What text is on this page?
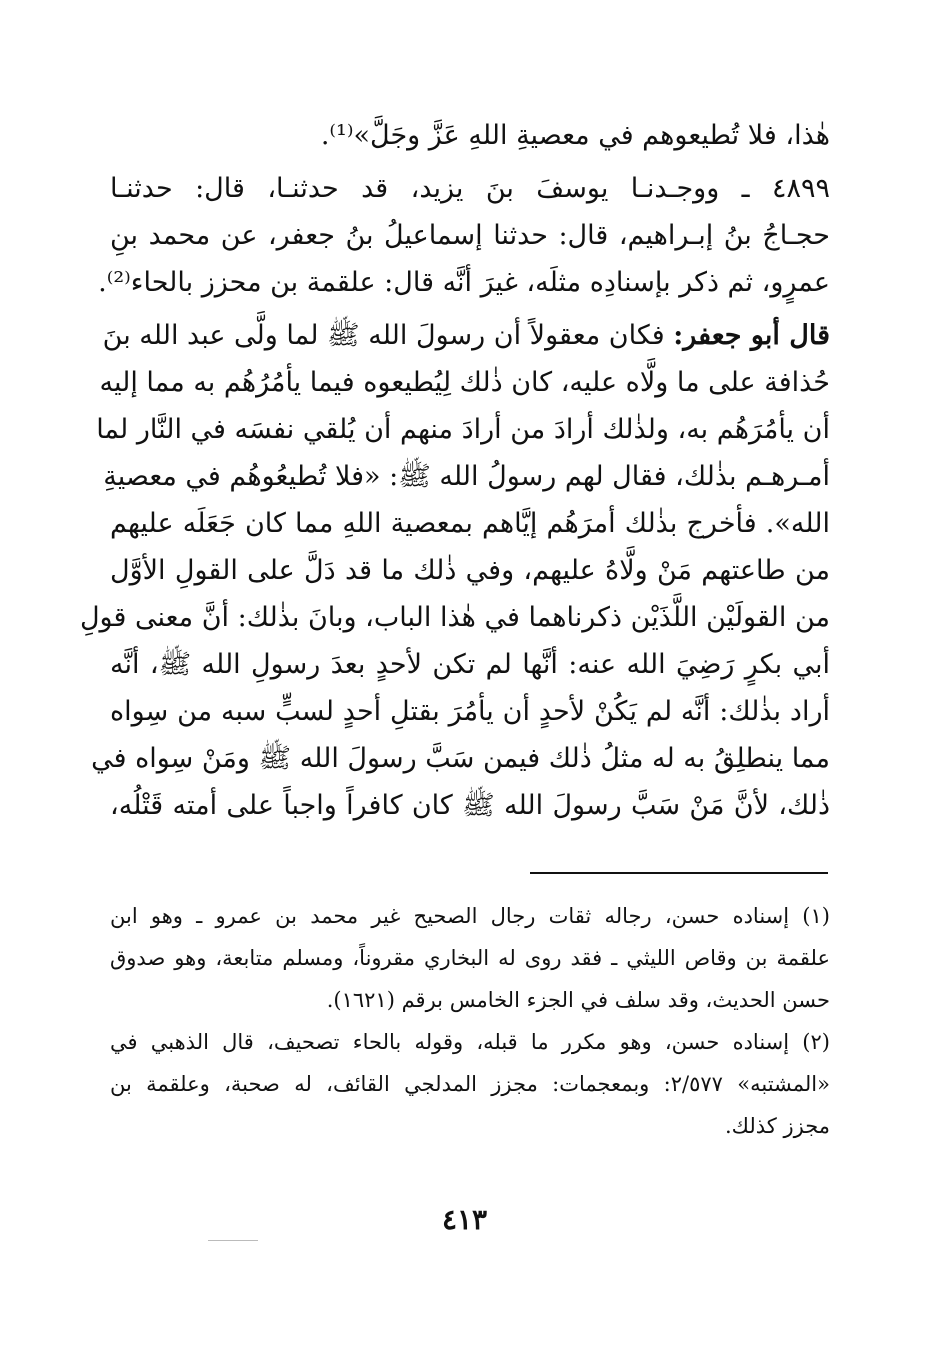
هٰذا، فلا تُطيعوهم في معصيةِ اللهِ عَزَّ وجَلَّ»⁽¹⁾.
٤٨٩٩ ـ ووجـدنـا يوسفَ بنَ يزيد، قد حدثنـا، قال: حدثنـا
حجـاجُ بنُ إبـراهيم، قال: حدثنا إسماعيلُ بنُ جعفر، عن محمد بنِ
عمرٍو، ثم ذكر بإسنادِه مثلَه، غيرَ أنَّه قال: علقمة بن محزز بالحاء⁽²⁾.
قال أبو جعفر: فكان معقولاً أن رسولَ الله ﷺ لما ولَّى عبد الله بنَ
حُذافة على ما ولَّاه عليه، كان ذٰلك لِيُطيعوه فيما يأمُرُهُم به مما إليه
أن يأمُرَهُم به، ولذٰلك أرادَ من أرادَ منهم أن يُلقي نفسَه في النَّار لما
أمـرهـم بذٰلك، فقال لهم رسولُ الله ﷺ: «فلا تُطيعُوهُم في معصيةِ
الله». فأخرج بذٰلك أمرَهُم إيَّاهم بمعصية اللهِ مما كان جَعَلَه عليهم
من طاعتهم مَنْ ولَّاهُ عليهم، وفي ذٰلك ما قد دَلَّ على القولِ الأوَّل
من القولَيْن اللَّذَيْن ذكرناهما في هٰذا الباب، وبانَ بذٰلك: أنَّ معنى قولِ
أبي بكرٍ رَضِيَ الله عنه: أنَّها لم تكن لأحدٍ بعدَ رسولِ الله ﷺ، أنَّه
أراد بذٰلك: أنَّه لم يَكُنْ لأحدٍ أن يأمُرَ بقتلِ أحدٍ لسبٍّ سبه من سِواه
مما ينطلِقُ به له مثلُ ذٰلك فيمن سَبَّ رسولَ الله ﷺ ومَنْ سِواه في
ذٰلك، لأنَّ مَنْ سَبَّ رسولَ الله ﷺ كان كافراً واجباً على أمته قَتْلُه،
(١) إسناده حسن، رجاله ثقات رجال الصحيح غير محمد بن عمرو ـ وهو ابن
علقمة بن وقاص الليثي ـ فقد روى له البخاري مقروناً، ومسلم متابعة، وهو صدوق
حسن الحديث، وقد سلف في الجزء الخامس برقم (١٦٢١).
(٢) إسناده حسن، وهو مكرر ما قبله، وقوله بالحاء تصحيف، قال الذهبي في
«المشتبه» ٢/٥٧٧: وبمعجمات: مجزز المدلجي القائف، له صحبة، وعلقمة بن
مجزز كذلك.
٤١٣
